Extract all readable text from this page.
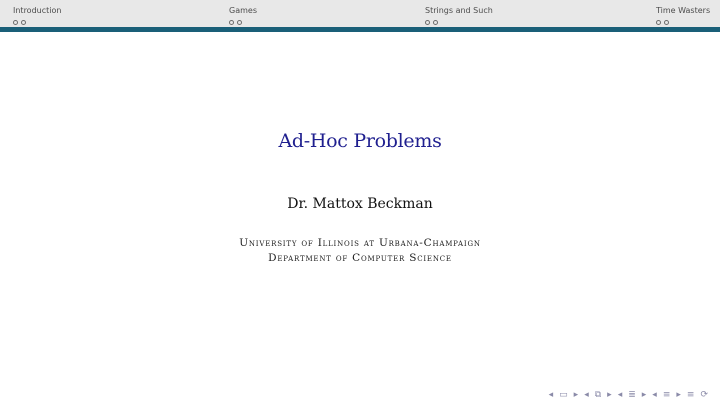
Introduction	Games	Strings and Such	Time Wasters
Ad-Hoc Problems
Dr. Mattox Beckman
University of Illinois at Urbana-Champaign
Department of Computer Science
◂ ▭ ▸ ◂ ⧉ ▸ ◂ ≣ ▸ ◂ ≡ ▸ ≡ ⟳
